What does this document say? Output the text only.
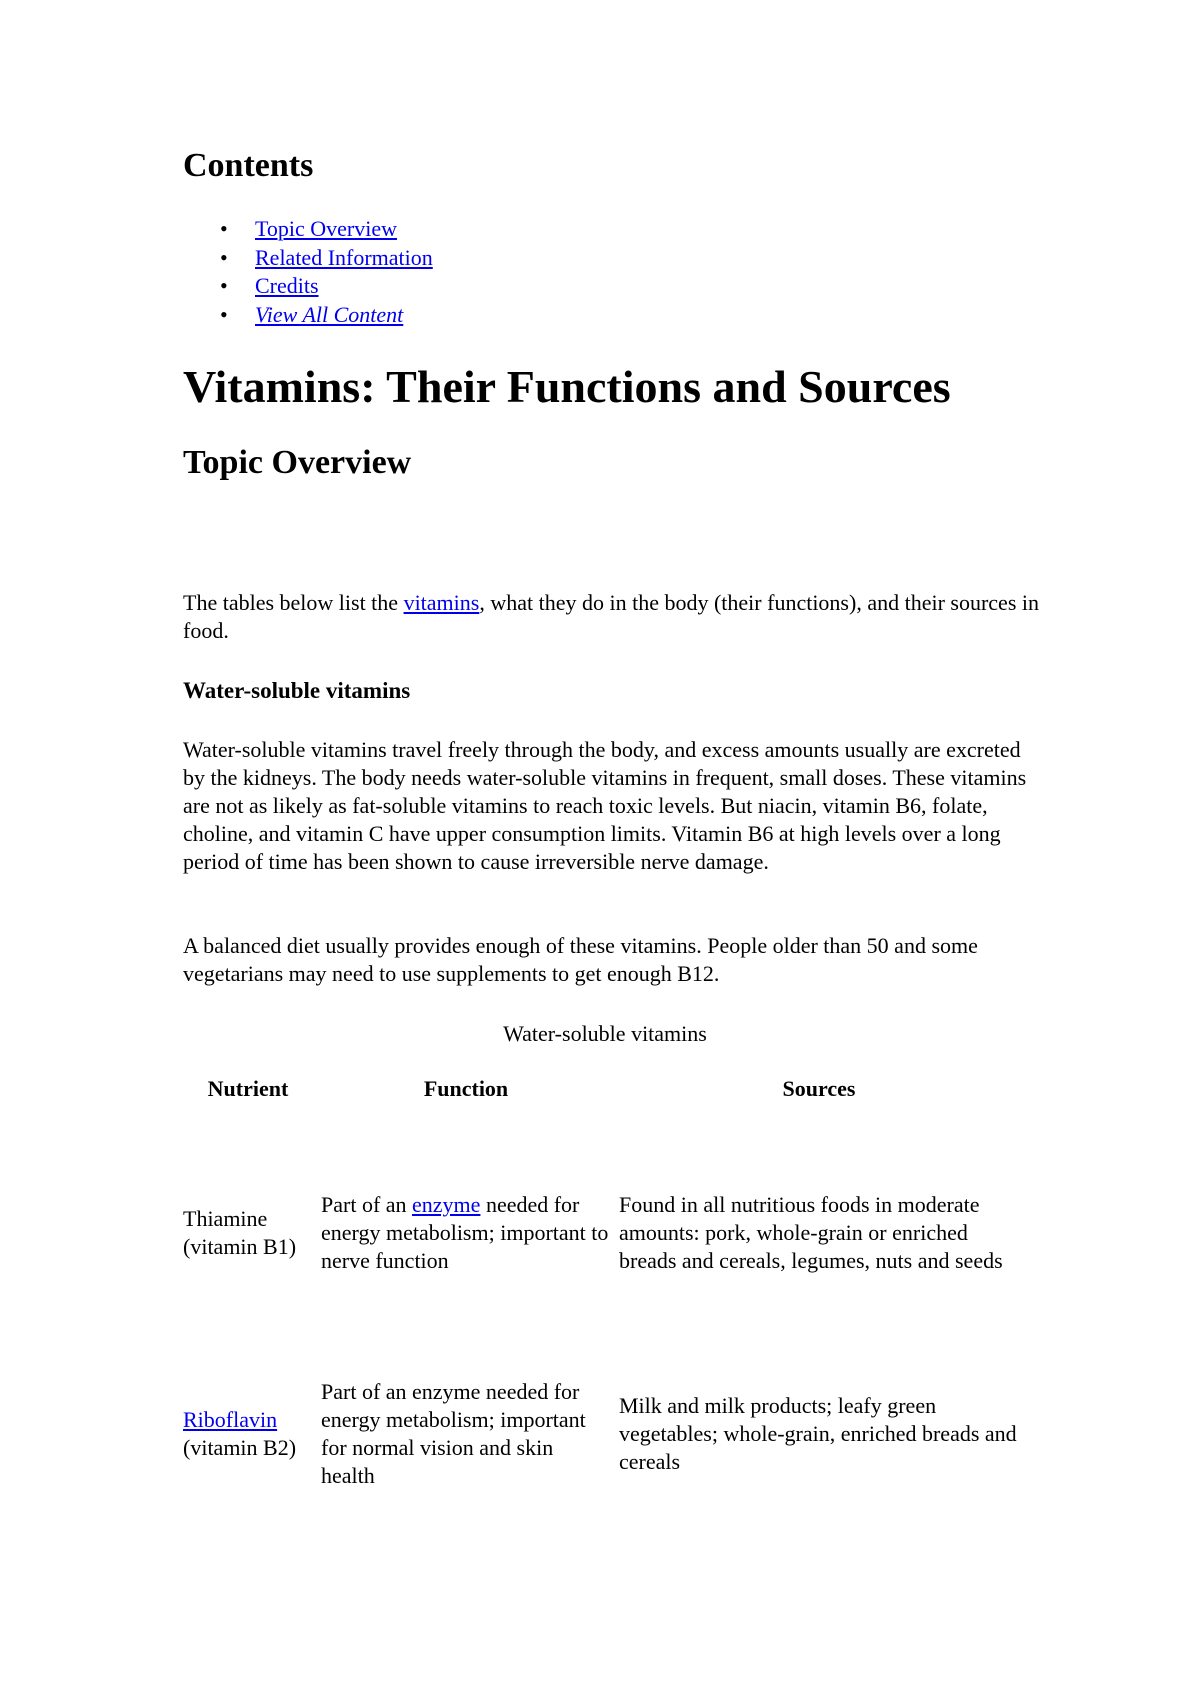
Contents
• Topic Overview
• Related Information
• Credits
• View All Content
Vitamins: Their Functions and Sources
Topic Overview

The tables below list the vitamins, what they do in the body (their functions), and their sources in food.

Water-soluble vitamins

Water-soluble vitamins travel freely through the body, and excess amounts usually are excreted by the kidneys. The body needs water-soluble vitamins in frequent, small doses. These vitamins are not as likely as fat-soluble vitamins to reach toxic levels. But niacin, vitamin B6, folate, choline, and vitamin C have upper consumption limits. Vitamin B6 at high levels over a long period of time has been shown to cause irreversible nerve damage.

A balanced diet usually provides enough of these vitamins. People older than 50 and some vegetarians may need to use supplements to get enough B12.

Water-soluble vitamins
Nutrient	Function	Sources

Thiamine (vitamin B1)	Part of an enzyme needed for energy metabolism; important to nerve function	Found in all nutritious foods in moderate amounts: pork, whole-grain or enriched breads and cereals, legumes, nuts and seeds

Riboflavin
(vitamin B2)	Part of an enzyme needed for energy metabolism; important for normal vision and skin health	Milk and milk products; leafy green vegetables; whole-grain, enriched breads and cereals
